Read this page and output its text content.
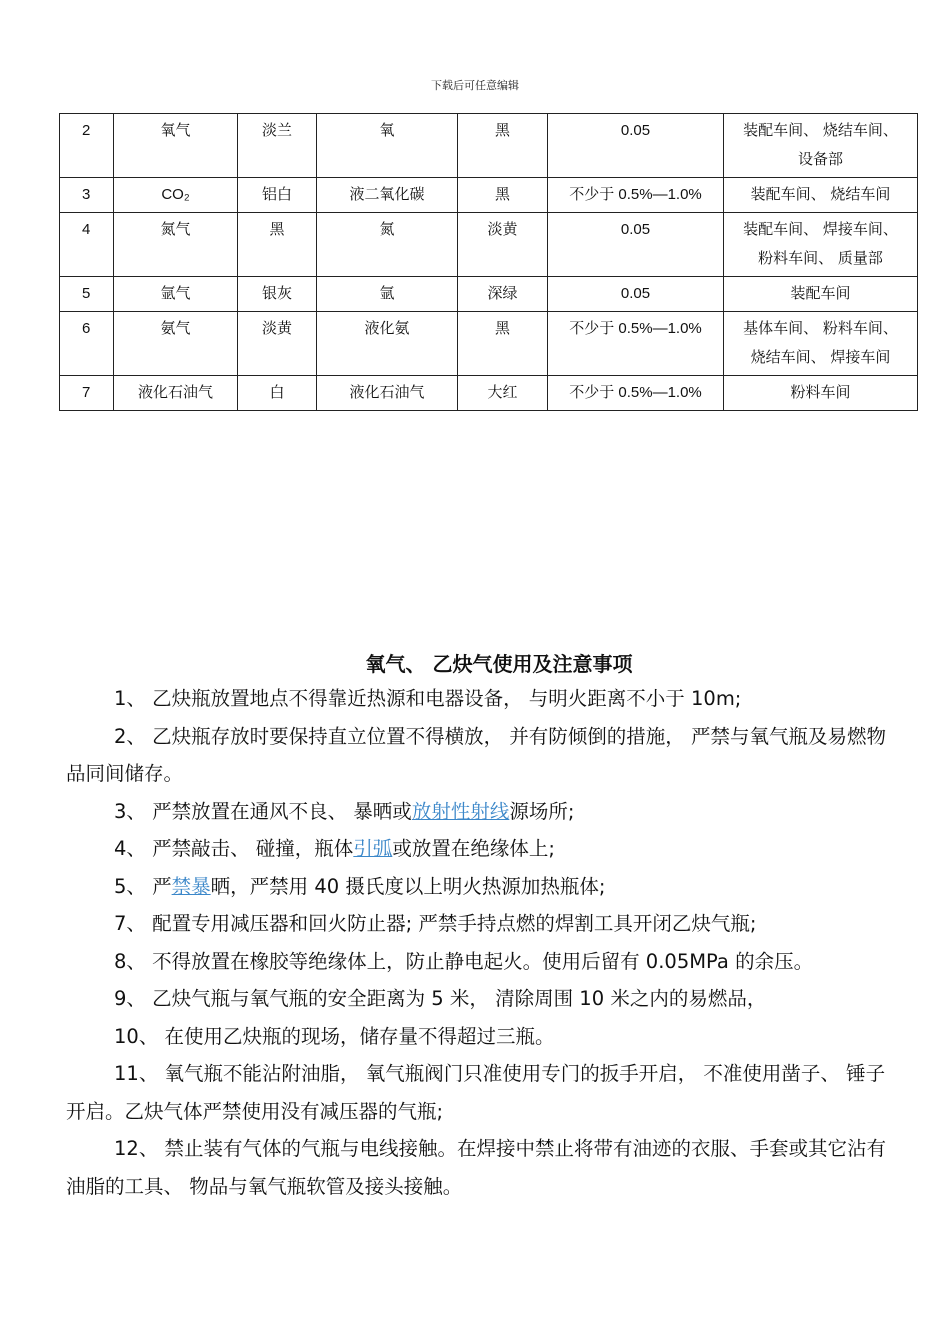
下载后可任意编辑
2	氧气	淡兰	氧	黑	0.05	装配车间、 烧结车间、
设备部

3	CO₂	铝白	液二氧化碳	黑	不少于 0.5%—1.0%	装配车间、 烧结车间

4	氮气	黑	氮	淡黄	0.05	装配车间、 焊接车间、
粉料车间、 质量部

5	氩气	银灰	氩	深绿	0.05	装配车间

6	氨气	淡黄	液化氨	黑	不少于 0.5%—1.0%	基体车间、 粉料车间、
烧结车间、 焊接车间

7	液化石油气	白	液化石油气	大红	不少于 0.5%—1.0%	粉料车间
氧气、 乙炔气使用及注意事项

1、 乙炔瓶放置地点不得靠近热源和电器设备， 与明火距离不小于 10m;

2、 乙炔瓶存放时要保持直立位置不得横放， 并有防倾倒的措施， 严禁与氧气瓶及易燃物品同间储存。

3、 严禁放置在通风不良、 暴晒或放射性射线源场所;

4、 严禁敲击、 碰撞，瓶体引弧或放置在绝缘体上;

5、 严禁暴晒，严禁用 40 摄氏度以上明火热源加热瓶体;

7、 配置专用减压器和回火防止器; 严禁手持点燃的焊割工具开闭乙炔气瓶;

8、 不得放置在橡胶等绝缘体上，防止静电起火。使用后留有 0.05MPa 的余压。

9、 乙炔气瓶与氧气瓶的安全距离为 5 米， 清除周围 10 米之内的易燃品，

10、 在使用乙炔瓶的现场，储存量不得超过三瓶。

11、 氧气瓶不能沾附油脂， 氧气瓶阀门只准使用专门的扳手开启， 不准使用凿子、 锤子开启。乙炔气体严禁使用没有减压器的气瓶;

12、 禁止装有气体的气瓶与电线接触。在焊接中禁止将带有油迹的衣服、手套或其它沾有油脂的工具、 物品与氧气瓶软管及接头接触。
